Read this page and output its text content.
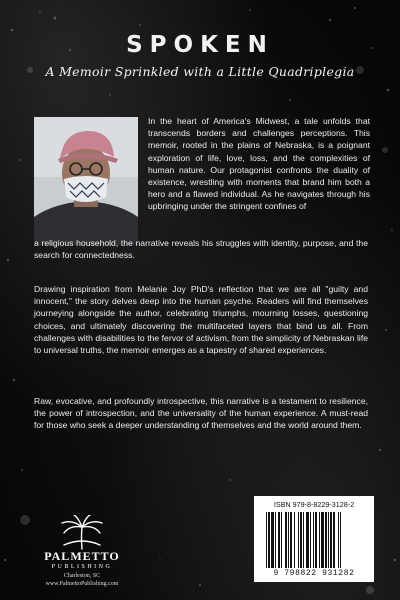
SPOKEN
A Memoir Sprinkled with a Little Quadriplegia

In the heart of America's Midwest, a tale unfolds that transcends borders and challenges perceptions. This memoir, rooted in the plains of Nebraska, is a poignant exploration of life, love, loss, and the complexities of human nature. Our protagonist confronts the duality of existence, wrestling with moments that brand him both a hero and a flawed individual. As he navigates through his upbringing under the stringent confines of

a religious household, the narrative reveals his struggles with identity, purpose, and the search for connectedness.

Drawing inspiration from Melanie Joy PhD's reflection that we are all "guilty and innocent," the story delves deep into the human psyche. Readers will find themselves journeying alongside the author, celebrating triumphs, mourning losses, questioning choices, and ultimately discovering the multifaceted layers that bind us all. From challenges with disabilities to the fervor of activism, from the simplicity of Nebraskan life to universal truths, the memoir emerges as a tapestry of shared experiences.

Raw, evocative, and profoundly introspective, this narrative is a testament to resilience, the power of introspection, and the universality of the human experience. A must-read for those who seek a deeper understanding of themselves and the world around them.

PALMETTO
PUBLISHING
Charleston, SC
www.PalmettoPublishing.com
ISBN 979-8-8229-3128-2
9 798822 931282
